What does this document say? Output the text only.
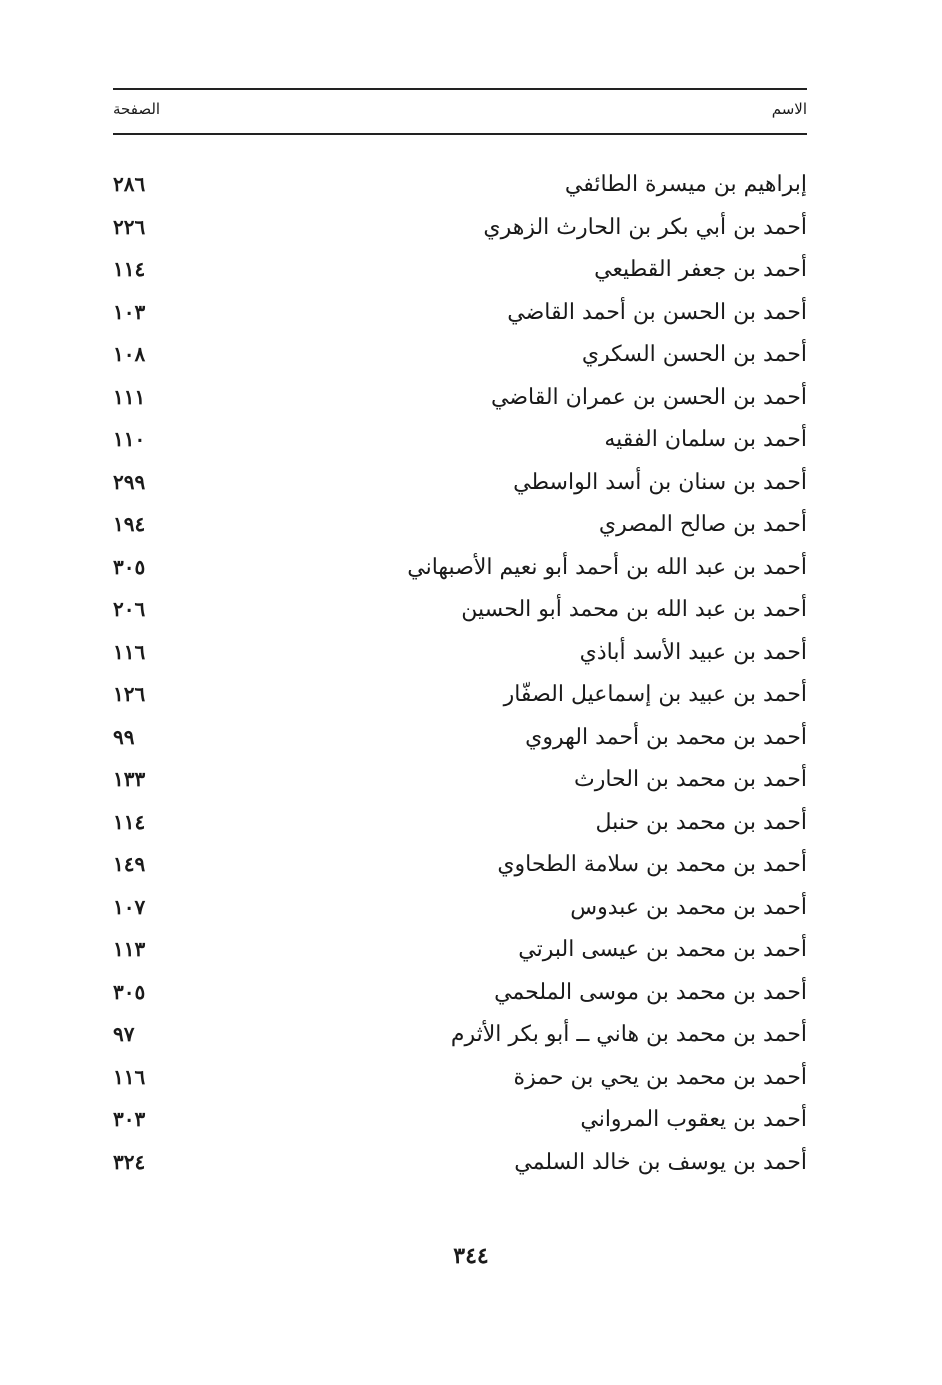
الاسم
الصفحة
إبراهيم بن ميسرة الطائفي
٢٨٦
أحمد بن أبي بكر بن الحارث الزهري
٢٢٦
أحمد بن جعفر القطيعي
١١٤
أحمد بن الحسن بن أحمد القاضي
١٠٣
أحمد بن الحسن السكري
١٠٨
أحمد بن الحسن بن عمران القاضي
١١١
أحمد بن سلمان الفقيه
١١٠
أحمد بن سنان بن أسد الواسطي
٢٩٩
أحمد بن صالح المصري
١٩٤
أحمد بن عبد الله بن أحمد أبو نعيم الأصبهاني
٣٠٥
أحمد بن عبد الله بن محمد أبو الحسين
٢٠٦
أحمد بن عبيد الأسد أباذي
١١٦
أحمد بن عبيد بن إسماعيل الصفّار
١٢٦
أحمد بن محمد بن أحمد الهروي
٩٩
أحمد بن محمد بن الحارث
١٣٣
أحمد بن محمد بن حنبل
١١٤
أحمد بن محمد بن سلامة الطحاوي
١٤٩
أحمد بن محمد بن عبدوس
١٠٧
أحمد بن محمد بن عيسى البرتي
١١٣
أحمد بن محمد بن موسى الملحمي
٣٠٥
أحمد بن محمد بن هاني ــ أبو بكر الأثرم
٩٧
أحمد بن محمد بن يحي بن حمزة
١١٦
أحمد بن يعقوب المرواني
٣٠٣
أحمد بن يوسف بن خالد السلمي
٣٢٤
٣٤٤
